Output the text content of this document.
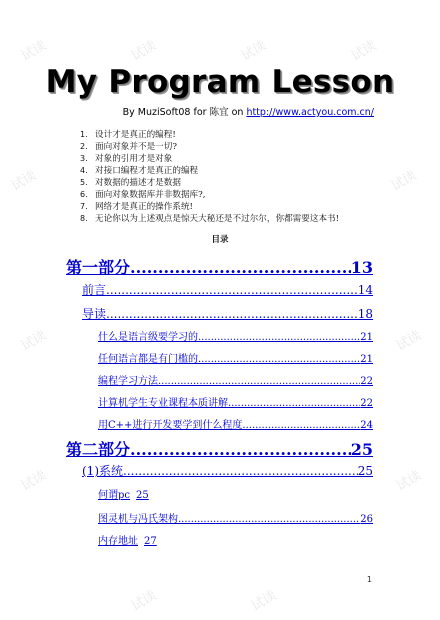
试读	试读	试读	试读
试读	试读
试读	试读
试读	试读
试读	试读
My Program Lesson
By MuziSoft08 for 陈宜 on http://www.actyou.com.cn/
1. 设计才是真正的编程!
2. 面向对象并不是一切?
3. 对象的引用才是对象
4. 对接口编程才是真正的编程
5. 对数据的描述才是数据
6. 面向对象数据库并非数据库?,
7. 网络才是真正的操作系统!
8. 无论你以为上述观点是惊天大秘还是不过尔尔，你都需要这本书!
目录
第一部分 .....	13
前言 .....	14
导读 .....	18
什么是语言级要学习的 .....	21
任何语言都是有门槛的 .....	21
编程学习方法 .....	22
计算机学生专业课程本质讲解 .....	22
用C++进行开发要学到什么程度 .....	24
第二部分 .....	25
(1)系统 .....	25
何谓pc 25
图灵机与冯氏架构 .....	26
内存地址 27
1
